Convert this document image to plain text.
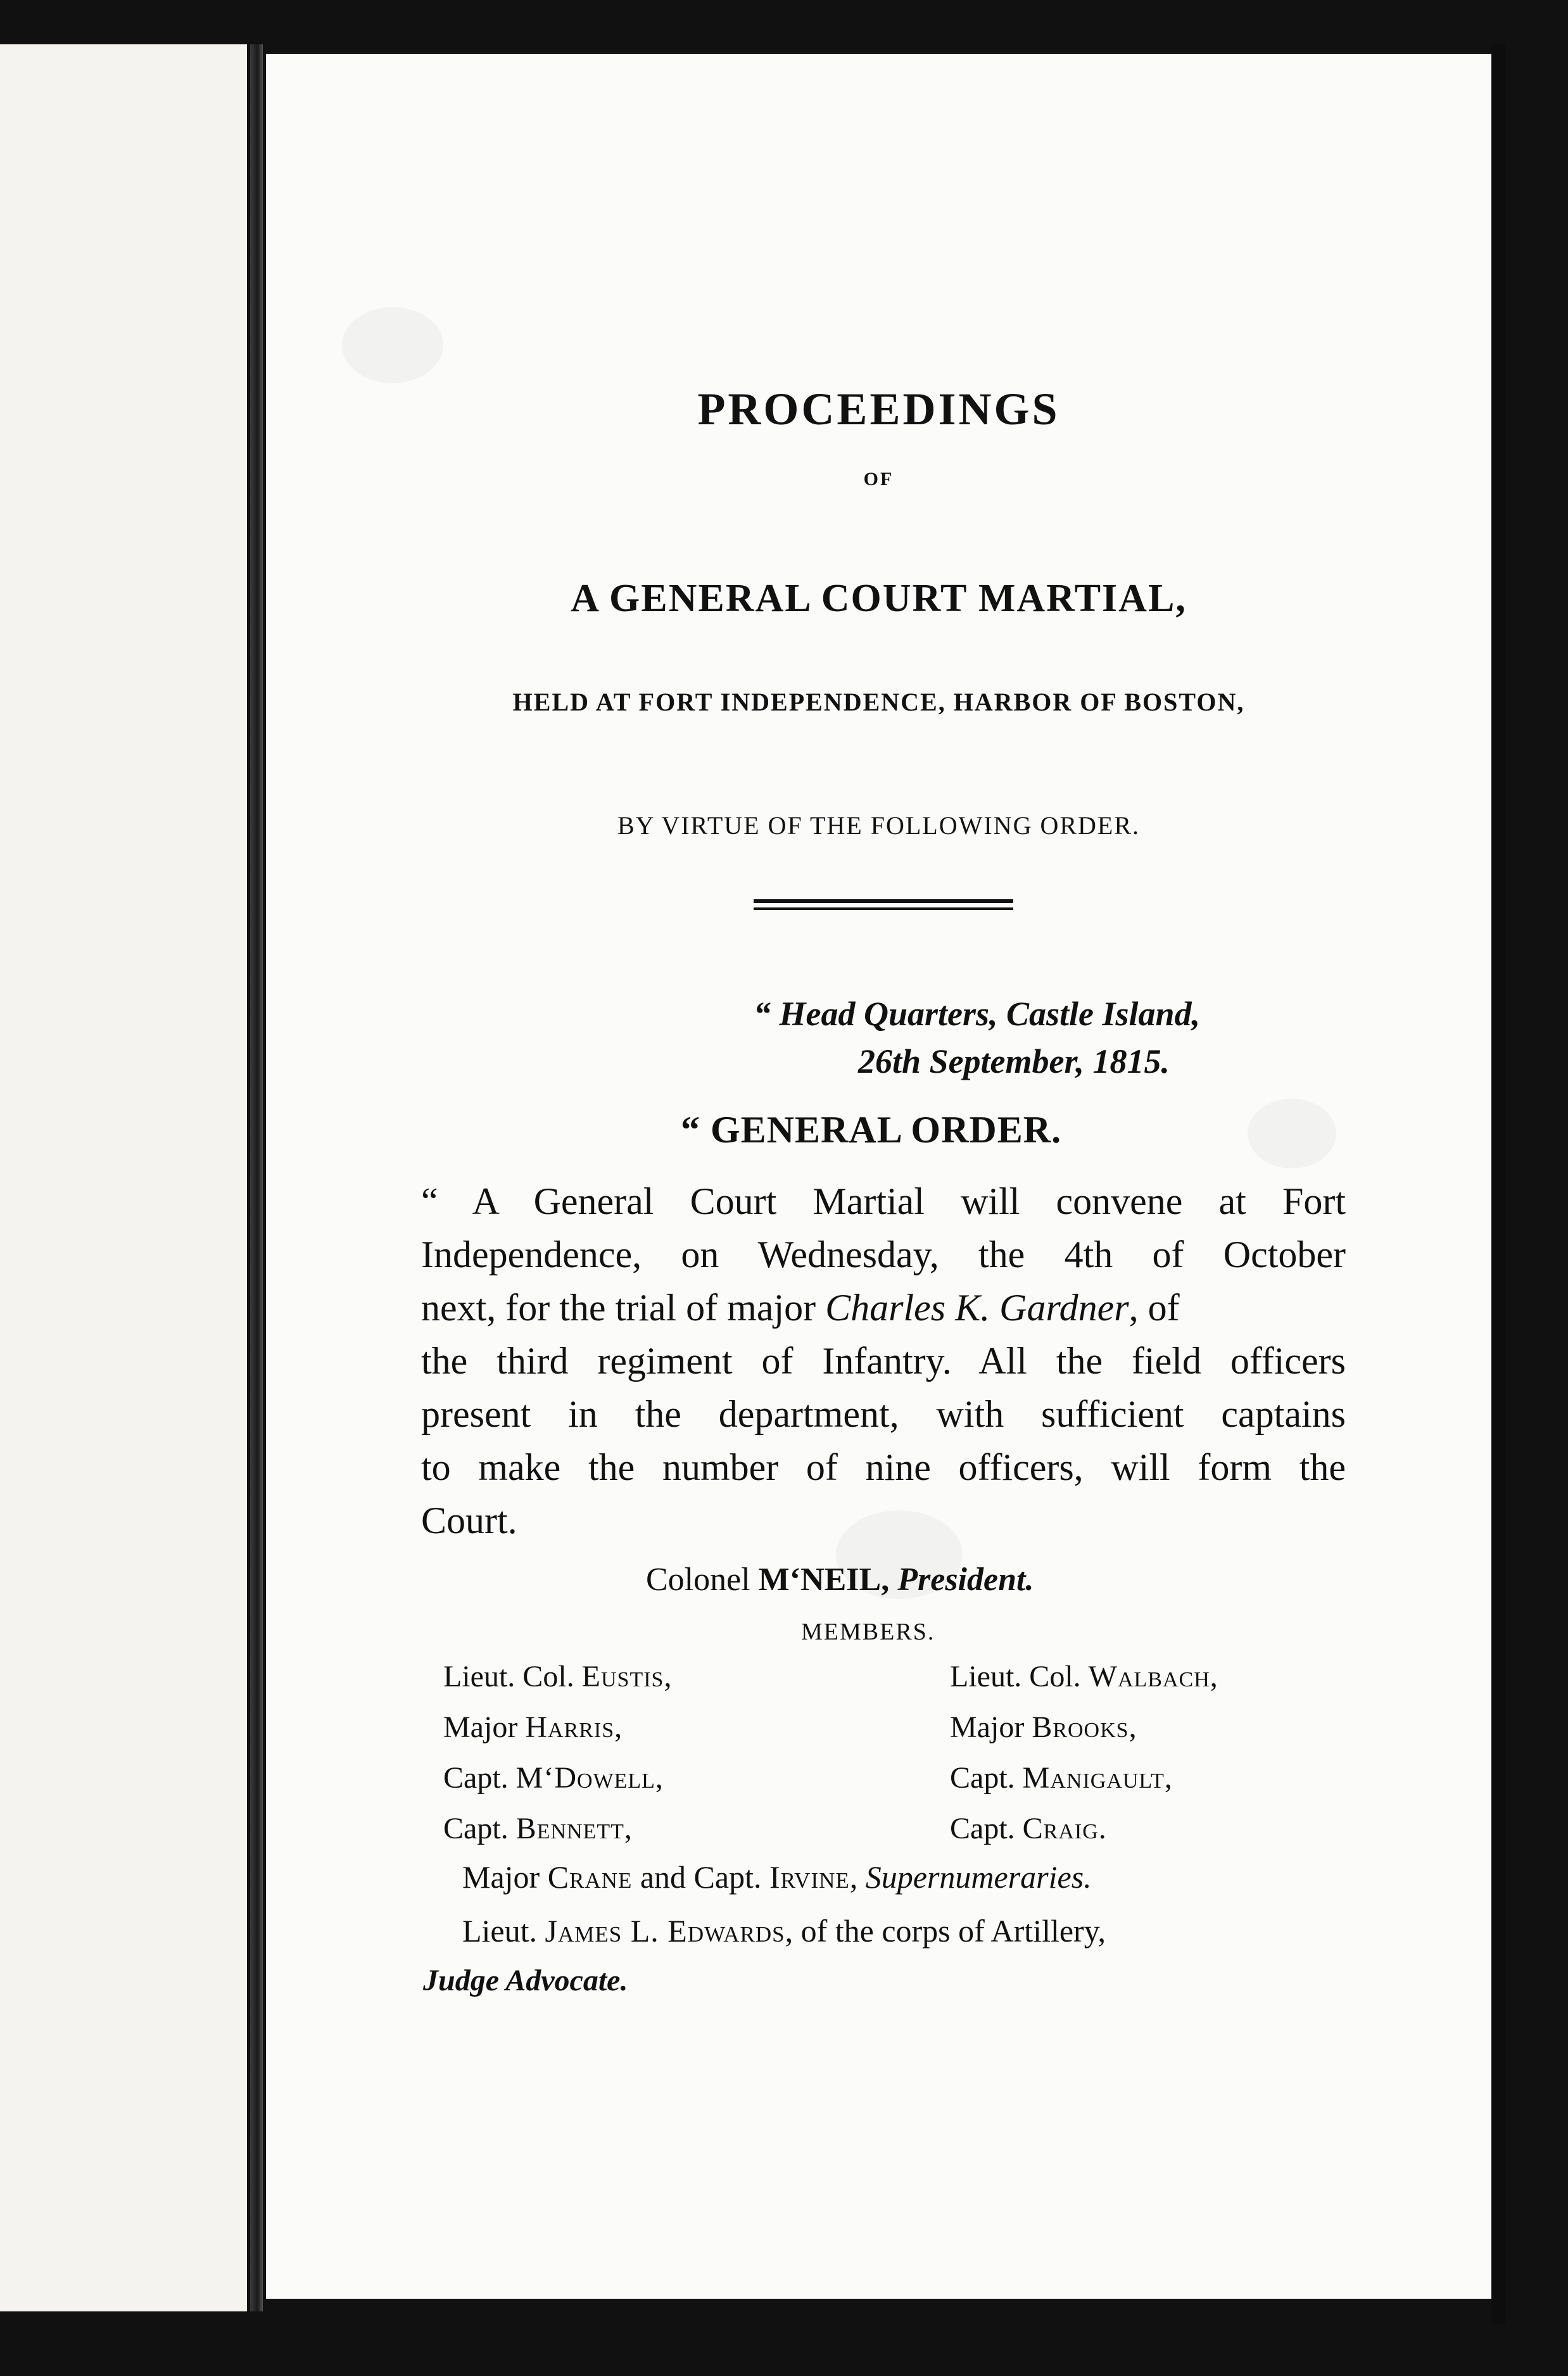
PROCEEDINGS
OF
A GENERAL COURT MARTIAL,
HELD AT FORT INDEPENDENCE, HARBOR OF BOSTON,
BY VIRTUE OF THE FOLLOWING ORDER.
“ Head Quarters, Castle Island,
26th September, 1815.
“ GENERAL ORDER.
“ A General Court Martial will convene at Fort
Independence, on Wednesday, the 4th of October
next, for the trial of major Charles K. Gardner, of
the third regiment of Infantry. All the field officers
present in the department, with sufficient captains
to make the number of nine officers, will form the
Court.
Colonel M‘NEIL, President.
MEMBERS.
Lieut. Col. Eustis,
Major Harris,
Capt. M‘Dowell,
Capt. Bennett,
Lieut. Col. Walbach,
Major Brooks,
Capt. Manigault,
Capt. Craig.
Major Crane and Capt. Irvine, Supernumeraries.
Lieut. James L. Edwards, of the corps of Artillery,
Judge Advocate.
